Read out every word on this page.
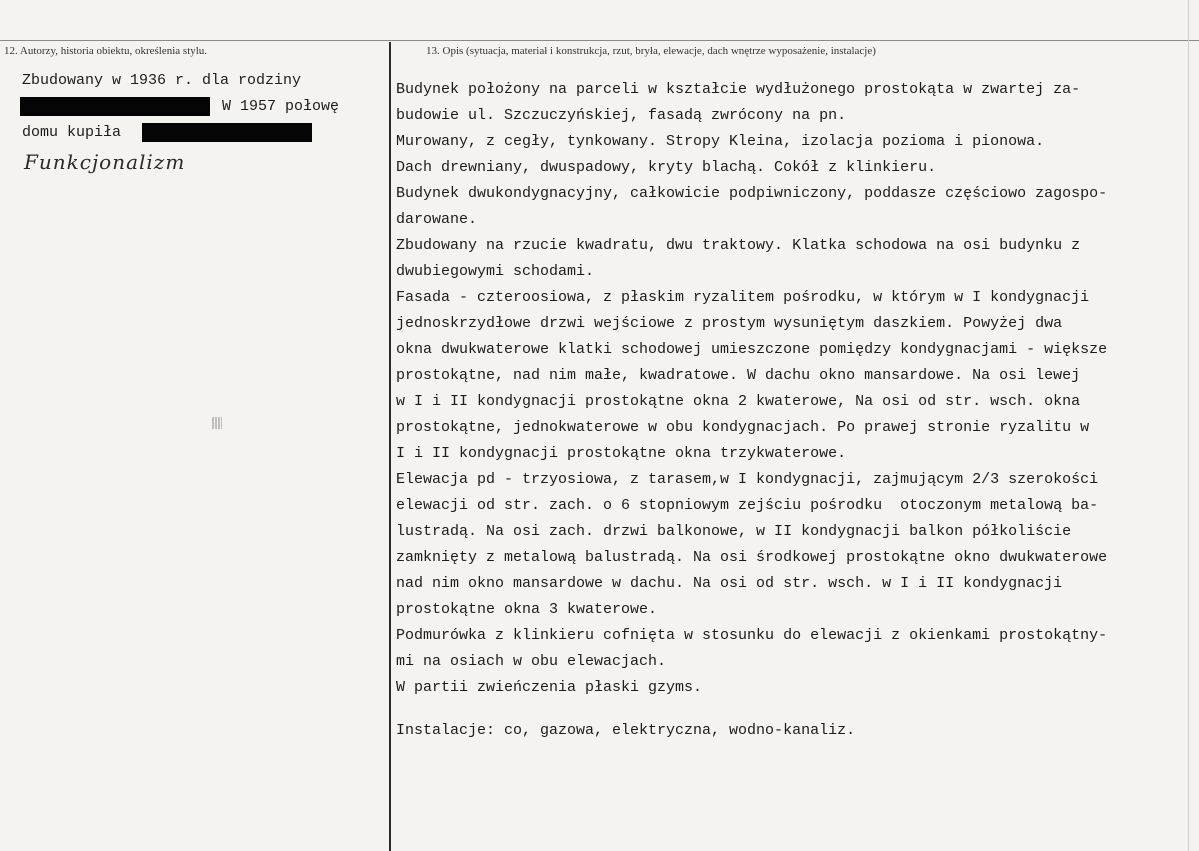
12. Autorzy, historia obiektu, określenia stylu.	13. Opis (sytuacja, materiał i konstrukcja, rzut, bryła, elewacje, dach wnętrze wyposażenie, instalacje)
Zbudowany w 1936 r. dla rodziny
W 1957 połowę
domu kupiła
Funkcjonalizm
Budynek położony na parceli w kształcie wydłużonego prostokąta w zwartej za-
budowie ul. Szczuczyńskiej, fasadą zwrócony na pn.
Murowany, z cegły, tynkowany. Stropy Kleina, izolacja pozioma i pionowa.
Dach drewniany, dwuspadowy, kryty blachą. Cokół z klinkieru.
Budynek dwukondygnacyjny, całkowicie podpiwniczony, poddasze częściowo zagospo-
darowane.
Zbudowany na rzucie kwadratu, dwu traktowy. Klatka schodowa na osi budynku z
dwubiegowymi schodami.
Fasada - czteroosiowa, z płaskim ryzalitem pośrodku, w którym w I kondygnacji
jednoskrzydłowe drzwi wejściowe z prostym wysuniętym daszkiem. Powyżej dwa
okna dwukwaterowe klatki schodowej umieszczone pomiędzy kondygnacjami - większe
prostokątne, nad nim małe, kwadratowe. W dachu okno mansardowe. Na osi lewej
w I i II kondygnacji prostokątne okna 2 kwaterowe, Na osi od str. wsch. okna
prostokątne, jednokwaterowe w obu kondygnacjach. Po prawej stronie ryzalitu w
I i II kondygnacji prostokątne okna trzykwaterowe.
Elewacja pd - trzyosiowa, z tarasem,w I kondygnacji, zajmującym 2/3 szerokości
elewacji od str. zach. o 6 stopniowym zejściu pośrodku  otoczonym metalową ba-
lustradą. Na osi zach. drzwi balkonowe, w II kondygnacji balkon półkoliście
zamknięty z metalową balustradą. Na osi środkowej prostokątne okno dwukwaterowe
nad nim okno mansardowe w dachu. Na osi od str. wsch. w I i II kondygnacji
prostokątne okna 3 kwaterowe.
Podmurówka z klinkieru cofnięta w stosunku do elewacji z okienkami prostokątny-
mi na osiach w obu elewacjach.
W partii zwieńczenia płaski gzyms.
Instalacje: co, gazowa, elektryczna, wodno-kanaliz.
